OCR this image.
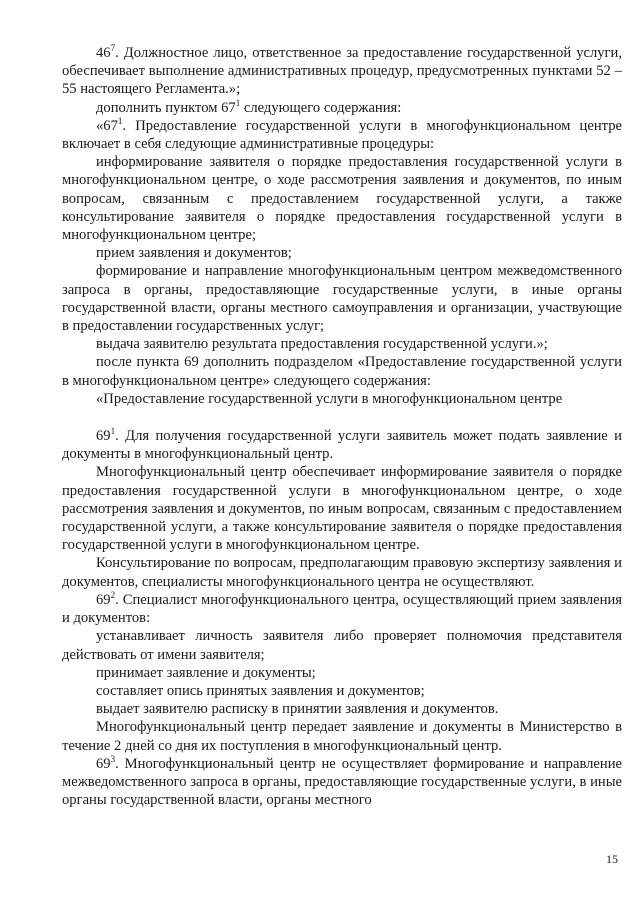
$46^7$. Должностное лицо, ответственное за предоставление государственной услуги, обеспечивает выполнение административных процедур, предусмотренных пунктами 52 – 55 настоящего Регламента.»;

дополнить пунктом $67^1$ следующего содержания:

«$67^1$. Предоставление государственной услуги в многофункциональном центре включает в себя следующие административные процедуры:

информирование заявителя о порядке предоставления государственной услуги в многофункциональном центре, о ходе рассмотрения заявления и документов, по иным вопросам, связанным с предоставлением государственной услуги, а также консультирование заявителя о порядке предоставления государственной услуги в многофункциональном центре;

прием заявления и документов;

формирование и направление многофункциональным центром межведомственного запроса в органы, предоставляющие государственные услуги, в иные органы государственной власти, органы местного самоуправления и организации, участвующие в предоставлении государственных услуг;

выдача заявителю результата предоставления государственной услуги.»;

после пункта 69 дополнить подразделом «Предоставление государственной услуги в многофункциональном центре» следующего содержания:

«Предоставление государственной услуги в многофункциональном центре

$69^1$. Для получения государственной услуги заявитель может подать заявление и документы в многофункциональный центр.

Многофункциональный центр обеспечивает информирование заявителя о порядке предоставления государственной услуги в многофункциональном центре, о ходе рассмотрения заявления и документов, по иным вопросам, связанным с предоставлением государственной услуги, а также консультирование заявителя о порядке предоставления государственной услуги в многофункциональном центре.

Консультирование по вопросам, предполагающим правовую экспертизу заявления и документов, специалисты многофункционального центра не осуществляют.

$69^2$. Специалист многофункционального центра, осуществляющий прием заявления и документов:

устанавливает личность заявителя либо проверяет полномочия представителя действовать от имени заявителя;

принимает заявление и документы;

составляет опись принятых заявления и документов;

выдает заявителю расписку в принятии заявления и документов.

Многофункциональный центр передает заявление и документы в Министерство в течение 2 дней со дня их поступления в многофункциональный центр.

$69^3$. Многофункциональный центр не осуществляет формирование и направление межведомственного запроса в органы, предоставляющие государственные услуги, в иные органы государственной власти, органы местного

15
